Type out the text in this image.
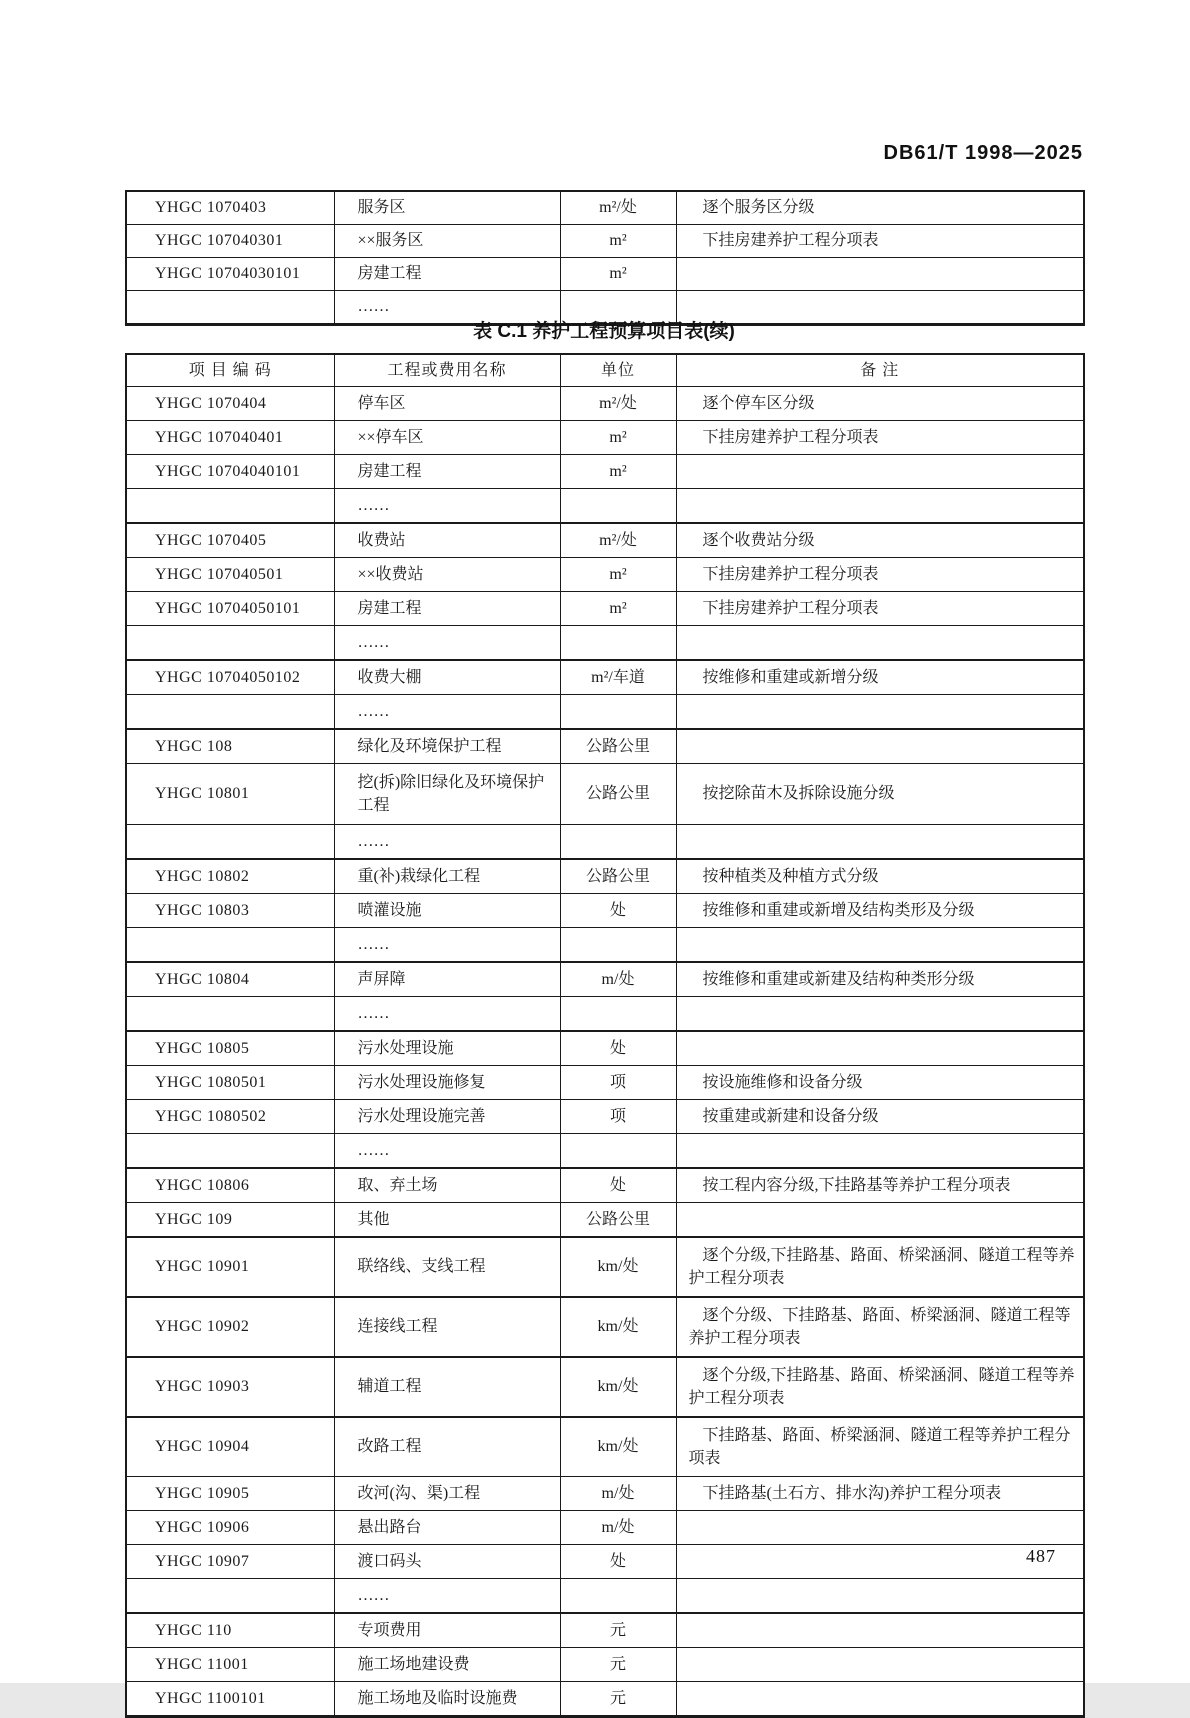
DB61/T 1998—2025
YHGC 1070403	服务区	m²/处	逐个服务区分级
YHGC 107040301	××服务区	m²	下挂房建养护工程分项表
YHGC 10704030101	房建工程	m²	
	……		
表 C.1 养护工程预算项目表(续)
项 目 编 码	工程或费用名称	单位	备 注
YHGC 1070404	停车区	m²/处	逐个停车区分级
YHGC 107040401	××停车区	m²	下挂房建养护工程分项表
YHGC 10704040101	房建工程	m²	
	……		
YHGC 1070405	收费站	m²/处	逐个收费站分级
YHGC 107040501	××收费站	m²	下挂房建养护工程分项表
YHGC 10704050101	房建工程	m²	下挂房建养护工程分项表
	……		
YHGC 10704050102	收费大棚	m²/车道	按维修和重建或新增分级
	……		
YHGC 108	绿化及环境保护工程	公路公里	
YHGC 10801	挖(拆)除旧绿化及环境保护工程	公路公里	按挖除苗木及拆除设施分级
	……		
YHGC 10802	重(补)栽绿化工程	公路公里	按种植类及种植方式分级
YHGC 10803	喷灌设施	处	按维修和重建或新增及结构类形及分级
	……		
YHGC 10804	声屏障	m/处	按维修和重建或新建及结构种类形分级
	……		
YHGC 10805	污水处理设施	处	
YHGC 1080501	污水处理设施修复	项	按设施维修和设备分级
YHGC 1080502	污水处理设施完善	项	按重建或新建和设备分级
	……		
YHGC 10806	取、弃土场	处	按工程内容分级,下挂路基等养护工程分项表
YHGC 109	其他	公路公里	
YHGC 10901	联络线、支线工程	km/处	逐个分级,下挂路基、路面、桥梁涵洞、隧道工程等养护工程分项表
YHGC 10902	连接线工程	km/处	逐个分级、下挂路基、路面、桥梁涵洞、隧道工程等养护工程分项表
YHGC 10903	辅道工程	km/处	逐个分级,下挂路基、路面、桥梁涵洞、隧道工程等养护工程分项表
YHGC 10904	改路工程	km/处	下挂路基、路面、桥梁涵洞、隧道工程等养护工程分项表
YHGC 10905	改河(沟、渠)工程	m/处	下挂路基(土石方、排水沟)养护工程分项表
YHGC 10906	悬出路台	m/处	
YHGC 10907	渡口码头	处	
	……		
YHGC 110	专项费用	元	
YHGC 11001	施工场地建设费	元	
YHGC 1100101	施工场地及临时设施费	元	
487
